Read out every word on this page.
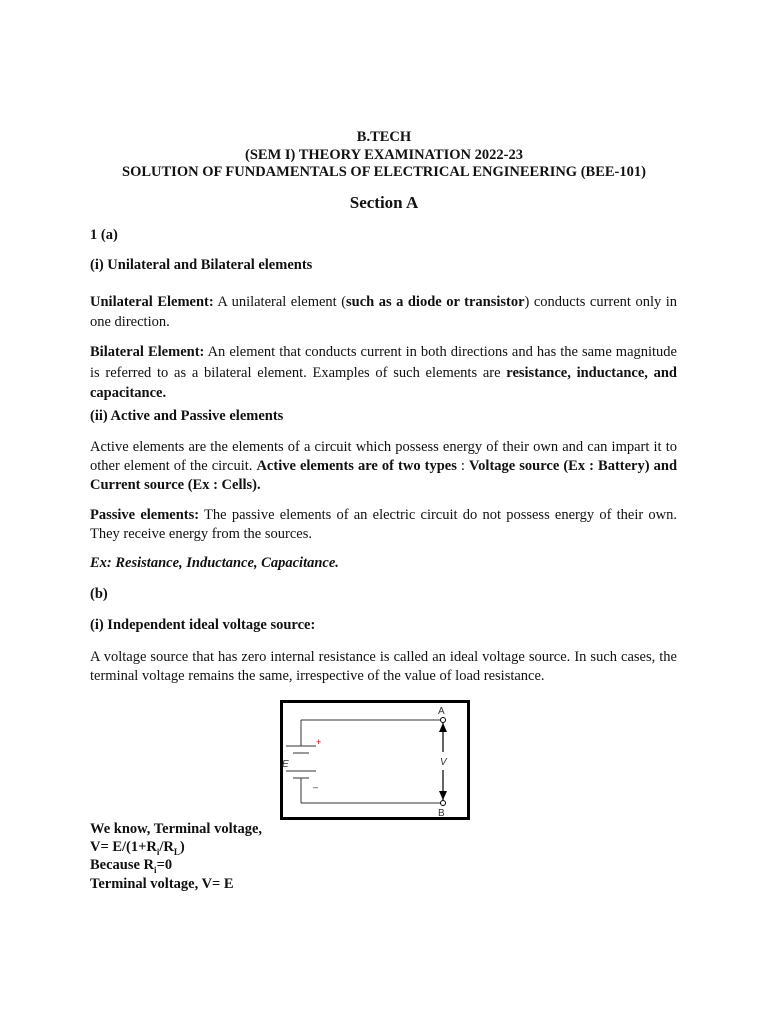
B.TECH
(SEM I) THEORY EXAMINATION 2022-23
SOLUTION OF FUNDAMENTALS OF ELECTRICAL ENGINEERING (BEE-101)
Section A
1 (a)
(i) Unilateral and Bilateral elements
Unilateral Element: A unilateral element (such as a diode or transistor) conducts current only in one direction.
Bilateral Element: An element that conducts current in both directions and has the same magnitude is referred to as a bilateral element. Examples of such elements are resistance, inductance, and capacitance.
(ii) Active and Passive elements
Active elements are the elements of a circuit which possess energy of their own and can impart it to other element of the circuit. Active elements are of two types : Voltage source (Ex : Battery) and Current source (Ex : Cells).
Passive elements: The passive elements of an electric circuit do not possess energy of their own. They receive energy from the sources.
Ex: Resistance, Inductance, Capacitance.
(b)
(i) Independent ideal voltage source:
A voltage source that has zero internal resistance is called an ideal voltage source. In such cases, the terminal voltage remains the same, irrespective of the value of load resistance.
+
–
E
A
B
V
We know, Terminal voltage,
$V= E/(1+R_i/R_L)$
Because $R_i=0$
Terminal voltage, V= E
